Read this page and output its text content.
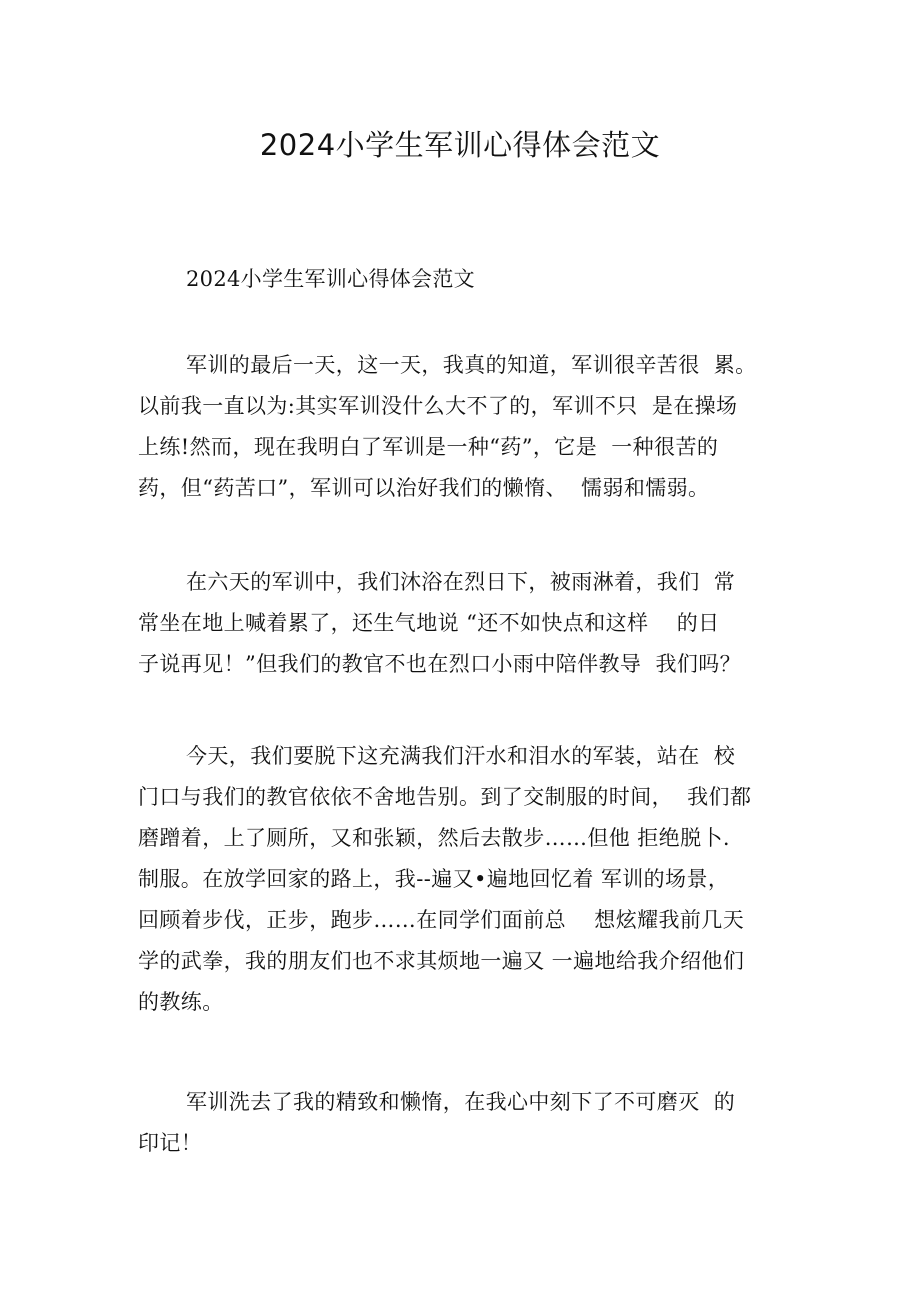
2024小学生军训心得体会范文
2024小学生军训心得体会范文
军训的最后一天，这一天，我真的知道，军训很辛苦很  累。
以前我一直以为:其实军训没什么大不了的，军训不只  是在操场
上练!然而，现在我明白了军训是一种“药”，它是  一种很苦的
药，但“药苦口”，军训可以治好我们的懒惰、  懦弱和懦弱。
在六天的军训中，我们沐浴在烈日下，被雨淋着，我们  常
常坐在地上喊着累了，还生气地说 “还不如快点和这样    的日
子说再见！”但我们的教官不也在烈口小雨中陪伴教导  我们吗？
今天，我们要脱下这充满我们汗水和泪水的军装，站在  校
门口与我们的教官依依不舍地告别。到了交制服的时间，  我们都
磨蹭着，上了厕所，又和张颖，然后去散步……但他 拒绝脱卜.
制服。在放学回家的路上，我--遍又•遍地回忆着 军训的场景，
回顾着步伐，正步，跑步……在同学们面前总    想炫耀我前几天
学的武拳，我的朋友们也不求其烦地一遍又 一遍地给我介绍他们
的教练。
军训洗去了我的精致和懒惰，在我心中刻下了不可磨灭  的
印记！
